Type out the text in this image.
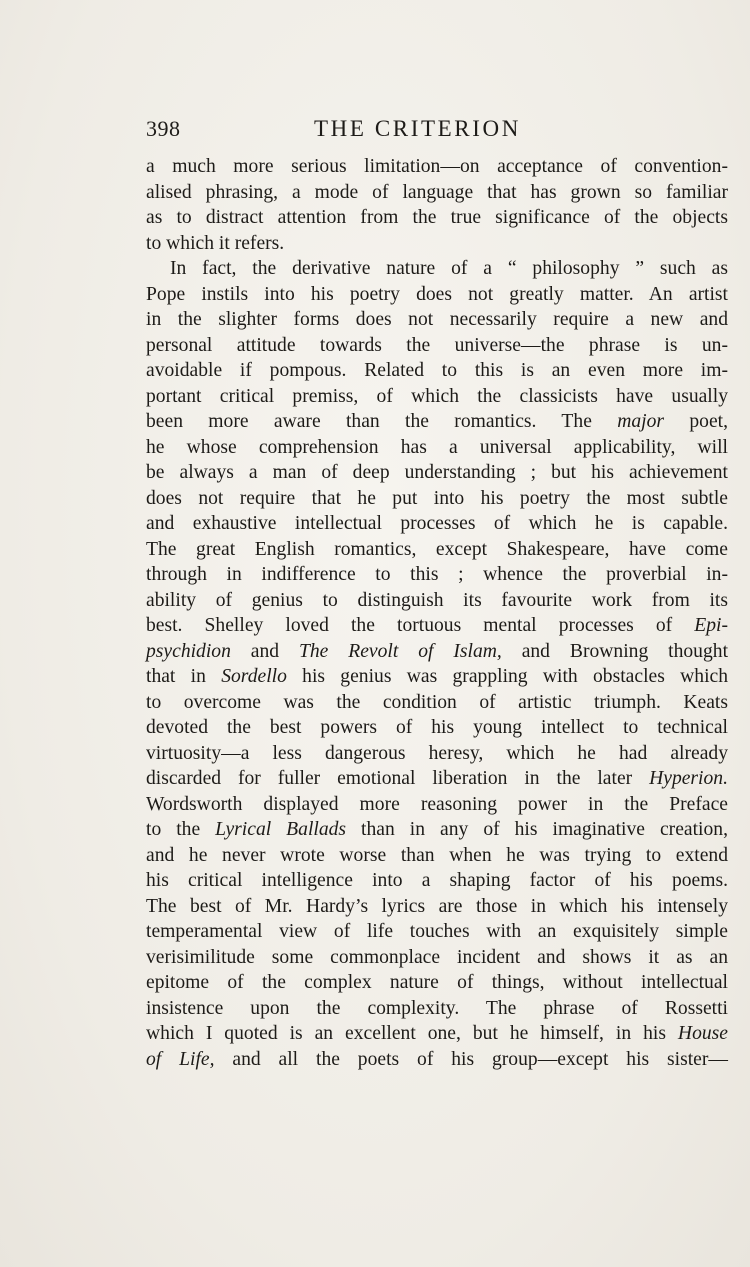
398	THE CRITERION
a much more serious limitation—on acceptance of convention-
alised phrasing, a mode of language that has grown so familiar
as to distract attention from the true significance of the objects
to which it refers.
In fact, the derivative nature of a “ philosophy ” such as
Pope instils into his poetry does not greatly matter. An artist
in the slighter forms does not necessarily require a new and
personal attitude towards the universe—the phrase is un-
avoidable if pompous. Related to this is an even more im-
portant critical premiss, of which the classicists have usually
been more aware than the romantics. The major poet,
he whose comprehension has a universal applicability, will
be always a man of deep understanding ; but his achievement
does not require that he put into his poetry the most subtle
and exhaustive intellectual processes of which he is capable.
The great English romantics, except Shakespeare, have come
through in indifference to this ; whence the proverbial in-
ability of genius to distinguish its favourite work from its
best. Shelley loved the tortuous mental processes of Epi-
psychidion and The Revolt of Islam, and Browning thought
that in Sordello his genius was grappling with obstacles which
to overcome was the condition of artistic triumph. Keats
devoted the best powers of his young intellect to technical
virtuosity—a less dangerous heresy, which he had already
discarded for fuller emotional liberation in the later Hyperion.
Wordsworth displayed more reasoning power in the Preface
to the Lyrical Ballads than in any of his imaginative creation,
and he never wrote worse than when he was trying to extend
his critical intelligence into a shaping factor of his poems.
The best of Mr. Hardy’s lyrics are those in which his intensely
temperamental view of life touches with an exquisitely simple
verisimilitude some commonplace incident and shows it as an
epitome of the complex nature of things, without intellectual
insistence upon the complexity. The phrase of Rossetti
which I quoted is an excellent one, but he himself, in his House
of Life, and all the poets of his group—except his sister—
